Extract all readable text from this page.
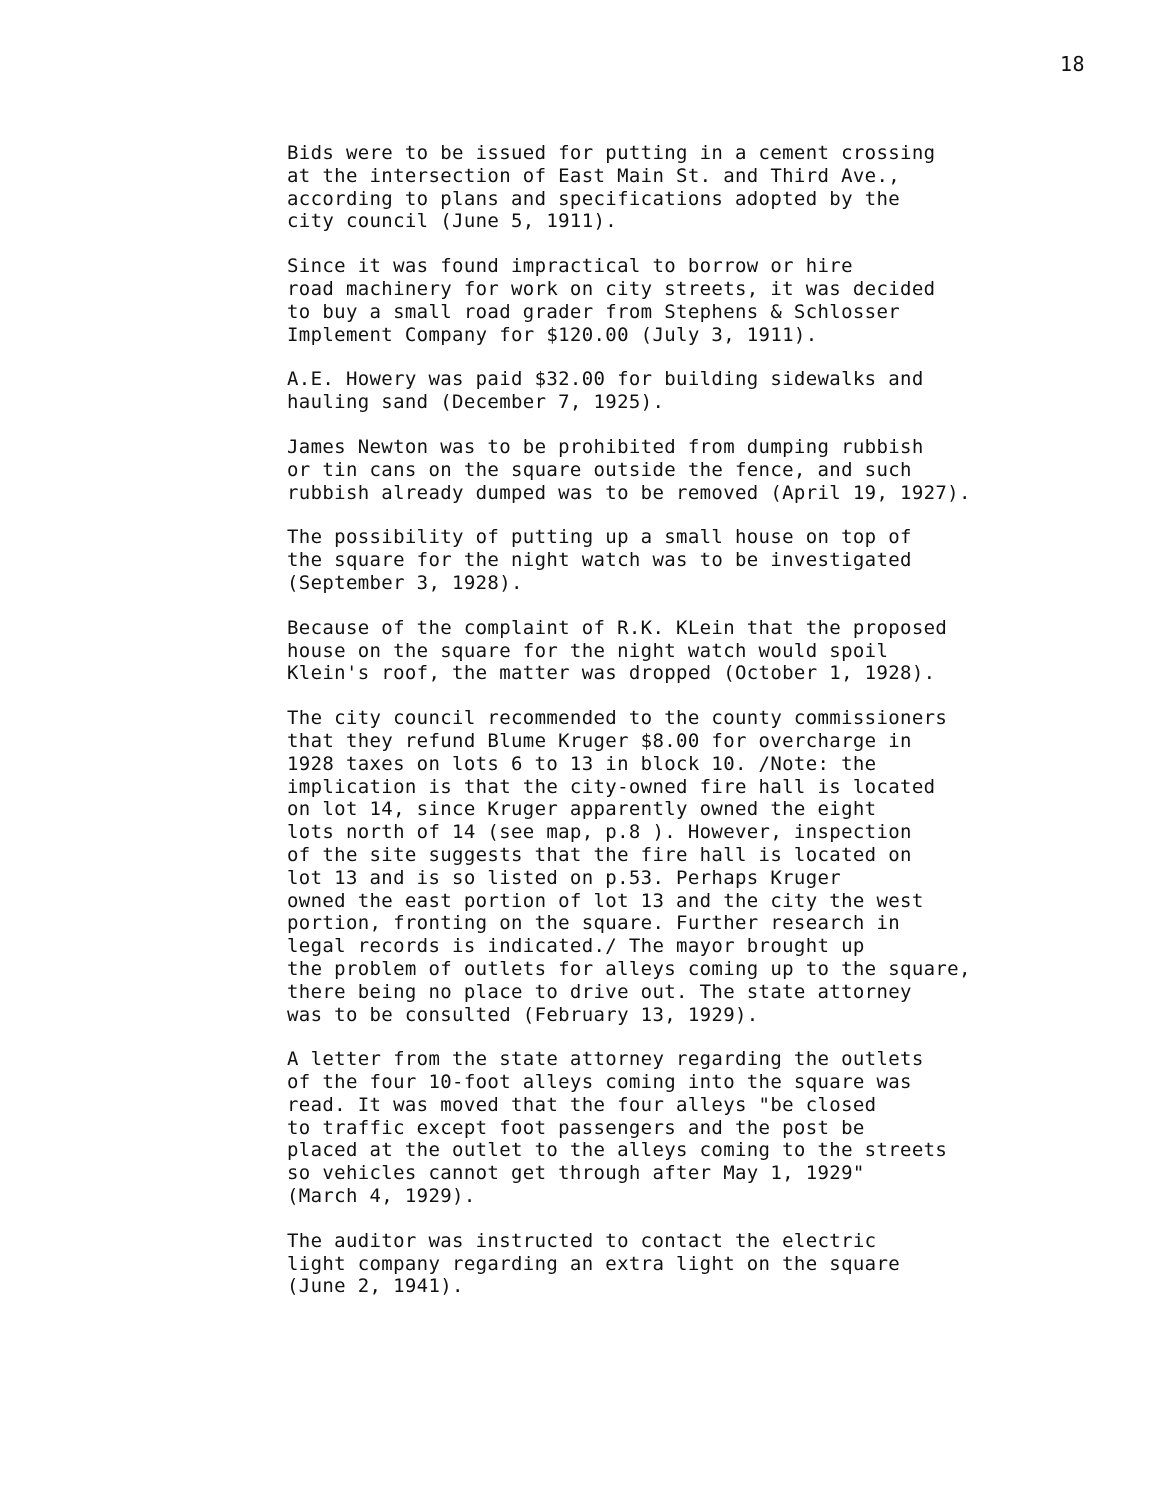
18

Bids were to be issued for putting in a cement crossing
at the intersection of East Main St. and Third Ave.,
according to plans and specifications adopted by the
city council (June 5, 1911).

Since it was found impractical to borrow or hire
road machinery for work on city streets, it was decided
to buy a small road grader from Stephens & Schlosser
Implement Company for $120.00 (July 3, 1911).

A.E. Howery was paid $32.00 for building sidewalks and
hauling sand (December 7, 1925).

James Newton was to be prohibited from dumping rubbish
or tin cans on the square outside the fence, and such
rubbish already dumped was to be removed (April 19, 1927).

The possibility of putting up a small house on top of
the square for the night watch was to be investigated
(September 3, 1928).

Because of the complaint of R.K. KLein that the proposed
house on the square for the night watch would spoil
Klein's roof, the matter was dropped (October 1, 1928).

The city council recommended to the county commissioners
that they refund Blume Kruger $8.00 for overcharge in
1928 taxes on lots 6 to 13 in block 10. /Note: the
implication is that the city-owned fire hall is located
on lot 14, since Kruger apparently owned the eight
lots north of 14 (see map, p.8 ). However, inspection
of the site suggests that the fire hall is located on
lot 13 and is so listed on p.53. Perhaps Kruger
owned the east portion of lot 13 and the city the west
portion, fronting on the square. Further research in
legal records is indicated./ The mayor brought up
the problem of outlets for alleys coming up to the square,
there being no place to drive out. The state attorney
was to be consulted (February 13, 1929).

A letter from the state attorney regarding the outlets
of the four 10-foot alleys coming into the square was
read. It was moved that the four alleys "be closed
to traffic except foot passengers and the post be
placed at the outlet to the alleys coming to the streets
so vehicles cannot get through after May 1, 1929"
(March 4, 1929).

The auditor was instructed to contact the electric
light company regarding an extra light on the square
(June 2, 1941).
